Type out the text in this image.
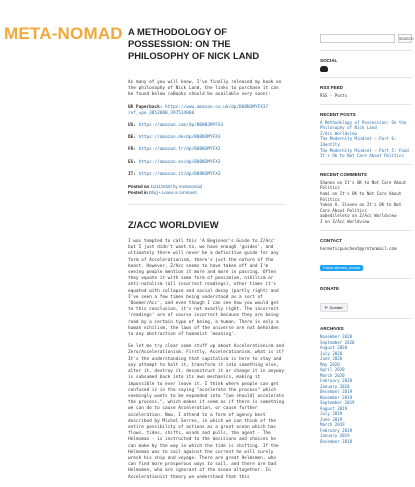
META-NOMAD A METHODOLOGY OF POSSESSION: ON THE PHILOSOPHY OF NICK LAND

As many of you will know, I've finally released my book on the philosophy of Nick Land, the links to purchase it can be found below (eBooks should be available very soon):

UK Paperback: https://www.amazon.co.uk/dp/B08N3MYFX3?ref_=pe_3052080_397514860

US: https://amazon.com/dp/B08N3MYFX3

DE: https://amazon.de/dp/B08N3MYFX3

FR: https://amazon.fr/dp/B08N3MYFX3

ES: https://amazon.es/dp/B08N3MYFX3

IT: https://amazon.it/dp/B08N3MYFX3

Posted on 11/11/2020 by metanomad
Posted in Blog • Leave a comment
Z/ACC WORLDVIEW

I was tempted to call this 'A Beginner's Guide to Z/Acc' but I just didn't want to, we have enough 'guides', and ultimately there will never be a definitive guide for any form of Accelerationism, there's just the nature of the beast. However, Z/Acc seems to have taken off and I'm seeing people mention it more and more in passing. Often they equate it with some form of pessimism, nihilism or anti-natalism (all incorrect readings), other times it's equated with collapse and social decay (partly right) and I've seen a few times being understood as a sort of 'Doomer/Acc', and even though I can see how you would get to this conclusion, it's not exactly right. The incorrect 'readings' are of course incorrect because they are being read by a certain type of being, a human. There is only a human nihilism, the laws of the universe are not beholden to any abstraction of humanist 'meaning'.

So let me try clear some stuff up about Accelerationism and Zero/Accelerationism. Firstly, Accelerationism, what is it? It's the understanding that capitalism is here to stay and any attempt to halt it, transform it into something else, alter it, destroy it, deconstruct it or change it in anyway is subsumed back into its own mechanics, making it impossible to ever leave it. I think where people can get confused is in the saying "accelerate the process" which seemingly wants to be expanded into "[we should] accelerate the process.", which makes it seem as if there is something we can do to cause Acceleration, or cause further acceleration. Now, I attend to a form of agency best described by Michel Serres, in which we can think of the entire possibility of actions as a great ocean which has flows, tides, shifts, winds and pulls, the agent - The Helmsman - is instructed to the decisions and choices he can make by the way in which the tide is shifting. If the Helmsman was to sail against the current he will surely wreck his ship and voyage. There are great Helmsmen, who can find more prosperous ways to sail, and there are bad Helmsmen, who are ignorant of the ocean altogether. In Accelerationist theory we understand that this

SEARCH
SOCIAL
RSS FEED
RSS - Posts
RECENT POSTS
A Methodology of Possession: On the Philosophy of Nick Land
Z/Acc Worldview
The Modernity Mindset – Part 6: Identity
The Modernity Mindset – Part 5: Food
It's Ok to Not Care About Politics
RECENT COMMENTS
Shanno on It's OK to Not Care About Politics
hami on It's OK to Not Care About Politics
Yukon A. Slaven on It's OK to Not Care About Politics
aobedileleto on Z/Acc Worldview
J on Z/Acc Worldview
CONTACT
hermeticpuncheat@protonmail.com
Follow @meta_nomad
DONATE
P Donate
ARCHIVES
November 2020
September 2020
August 2020
July 2020
June 2020
May 2020
April 2020
March 2020
February 2020
January 2020
December 2019
November 2019
September 2019
August 2019
July 2019
June 2019
March 2019
February 2019
January 2019
December 2018
